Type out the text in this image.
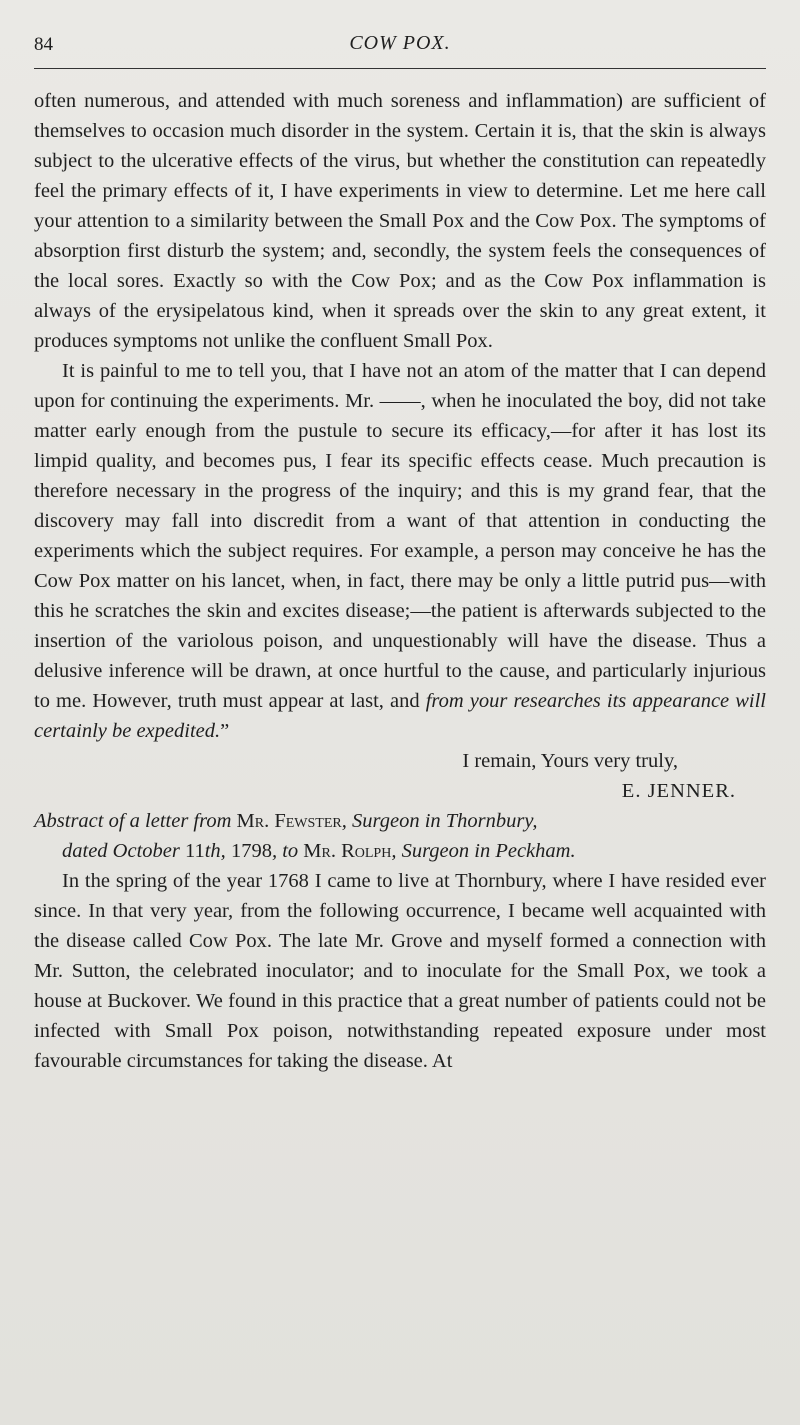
84	COW POX.

often numerous, and attended with much soreness and inflammation) are sufficient of themselves to occasion much disorder in the system. Certain it is, that the skin is always subject to the ulcerative effects of the virus, but whether the constitution can repeatedly feel the primary effects of it, I have experiments in view to determine. Let me here call your attention to a similarity between the Small Pox and the Cow Pox. The symptoms of absorption first disturb the system; and, secondly, the system feels the consequences of the local sores. Exactly so with the Cow Pox; and as the Cow Pox inflammation is always of the erysipelatous kind, when it spreads over the skin to any great extent, it produces symptoms not unlike the confluent Small Pox.

It is painful to me to tell you, that I have not an atom of the matter that I can depend upon for continuing the experiments. Mr. ——, when he inoculated the boy, did not take matter early enough from the pustule to secure its efficacy,—for after it has lost its limpid quality, and becomes pus, I fear its specific effects cease. Much precaution is therefore necessary in the progress of the inquiry; and this is my grand fear, that the discovery may fall into discredit from a want of that attention in conducting the experiments which the subject requires. For example, a person may conceive he has the Cow Pox matter on his lancet, when, in fact, there may be only a little putrid pus—with this he scratches the skin and excites disease;—the patient is afterwards subjected to the insertion of the variolous poison, and unquestionably will have the disease. Thus a delusive inference will be drawn, at once hurtful to the cause, and particularly injurious to me. However, truth must appear at last, and from your researches its appearance will certainly be expedited.”

I remain, Yours very truly,

E. JENNER.

Abstract of a letter from Mr. Fewster, Surgeon in Thornbury,
dated October 11th, 1798, to Mr. Rolph, Surgeon in Peckham.

In the spring of the year 1768 I came to live at Thornbury, where I have resided ever since. In that very year, from the following occurrence, I became well acquainted with the disease called Cow Pox. The late Mr. Grove and myself formed a connection with Mr. Sutton, the celebrated inoculator; and to inoculate for the Small Pox, we took a house at Buckover. We found in this practice that a great number of patients could not be infected with Small Pox poison, notwithstanding repeated exposure under most favourable circumstances for taking the disease. At
